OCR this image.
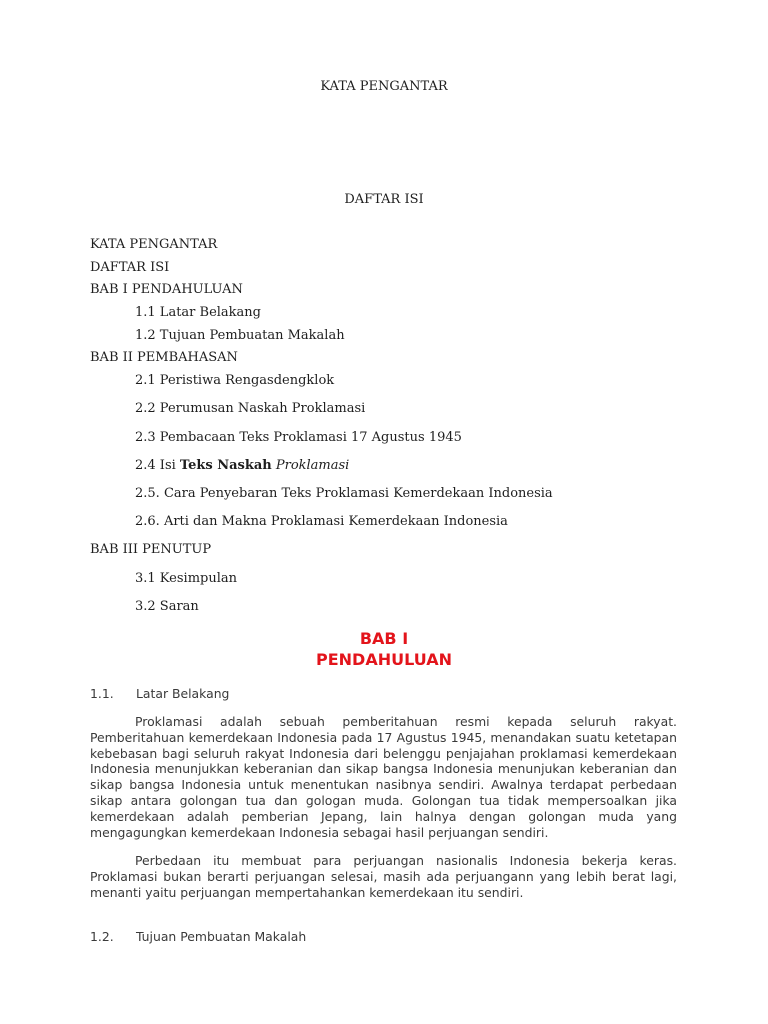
KATA PENGANTAR
DAFTAR ISI
KATA PENGANTAR
DAFTAR ISI
BAB I PENDAHULUAN
1.1 Latar Belakang
1.2 Tujuan Pembuatan Makalah
BAB II PEMBAHASAN
2.1 Peristiwa Rengasdengklok
2.2 Perumusan Naskah Proklamasi
2.3 Pembacaan Teks Proklamasi 17 Agustus 1945
2.4 Isi Teks Naskah Proklamasi
2.5. Cara Penyebaran Teks Proklamasi Kemerdekaan Indonesia
2.6. Arti dan Makna Proklamasi Kemerdekaan Indonesia
BAB III PENUTUP
3.1 Kesimpulan
3.2 Saran
BAB I
PENDAHULUAN
1.1. Latar Belakang
Proklamasi adalah sebuah pemberitahuan resmi kepada seluruh rakyat. Pemberitahuan kemerdekaan Indonesia pada 17 Agustus 1945, menandakan suatu ketetapan kebebasan bagi seluruh rakyat Indonesia dari belenggu penjajahan proklamasi kemerdekaan Indonesia menunjukkan keberanian dan sikap bangsa Indonesia menunjukan keberanian dan sikap bangsa Indonesia untuk menentukan nasibnya sendiri. Awalnya terdapat perbedaan sikap antara golongan tua dan gologan muda. Golongan tua tidak mempersoalkan jika kemerdekaan adalah pemberian Jepang, lain halnya dengan golongan muda yang mengagungkan kemerdekaan Indonesia sebagai hasil perjuangan sendiri.
Perbedaan itu membuat para perjuangan nasionalis Indonesia bekerja keras. Proklamasi bukan berarti perjuangan selesai, masih ada perjuangann yang lebih berat lagi, menanti yaitu perjuangan mempertahankan kemerdekaan itu sendiri.
1.2. Tujuan Pembuatan Makalah
